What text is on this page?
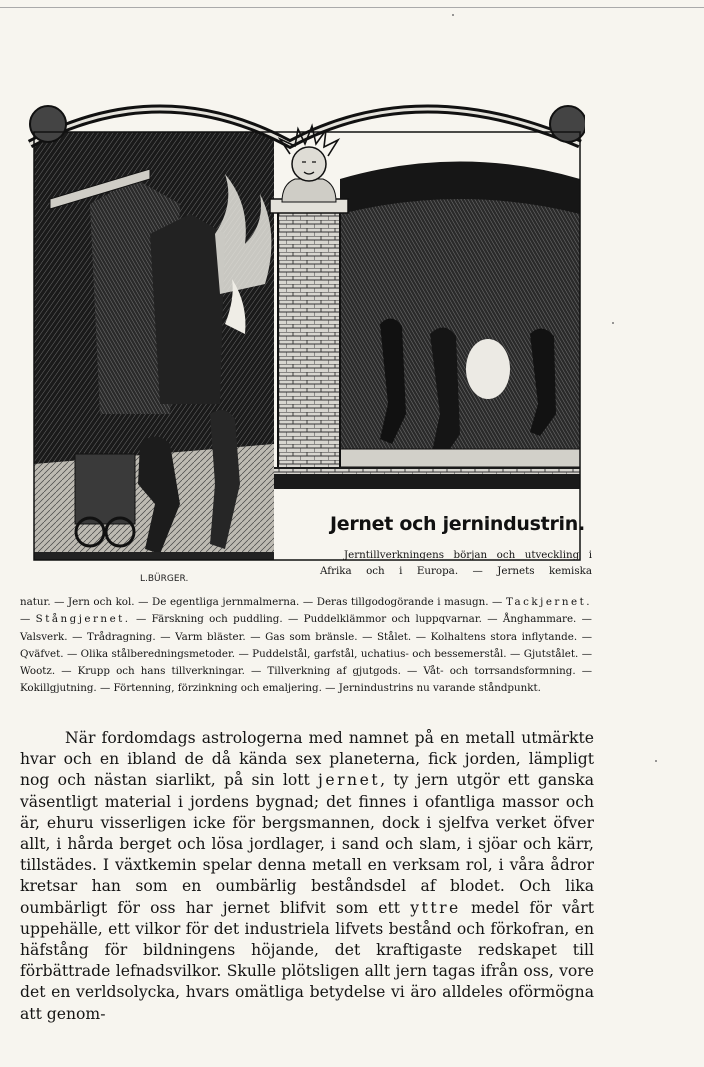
L.BÜRGER.
Jernet och jernindustrin.
Jerntillverkningens början och utveckling i Afrika och i Europa. — Jernets kemiska
natur. — Jern och kol. — De egentliga jernmalmerna. — Deras tillgodogörande i masugn. — Tackjernet. — Stångjernet. — Färskning och puddling. — Puddelklämmor och luppqvarnar. — Ånghammare. — Valsverk. — Trådragning. — Varm bläster. — Gas som bränsle. — Stålet. — Kolhaltens stora inflytande. — Qväfvet. — Olika stålberedningsmetoder. — Puddelstål, garfstål, uchatius- och bessemerstål. — Gjutstålet. — Wootz. — Krupp och hans tillverkningar. — Tillverkning af gjutgods. — Våt- och torrsandsformning. — Kokillgjutning. — Förtenning, förzinkning och emaljering. — Jernindustrins nu varande ståndpunkt.
När fordomdags astrologerna med namnet på en metall utmärkte hvar och en ibland de då kända sex planeterna, fick jorden, lämpligt nog och nästan siarlikt, på sin lott jernet, ty jern utgör ett ganska väsentligt material i jordens bygnad; det finnes i ofantliga massor och är, ehuru visserligen icke för bergsmannen, dock i sjelfva verket öfver allt, i hårda berget och lösa jordlager, i sand och slam, i sjöar och kärr, tillstädes. I växtkemin spelar denna metall en verksam rol, i våra ådror kretsar han som en oumbärlig beståndsdel af blodet. Och lika oumbärligt för oss har jernet blifvit som ett yttre medel för vårt uppehälle, ett vilkor för det industriela lifvets bestånd och förkofran, en häfstång för bildningens höjande, det kraftigaste redskapet till förbättrade lefnadsvilkor. Skulle plötsligen allt jern tagas ifrån oss, vore det en verldsolycka, hvars omätliga betydelse vi äro alldeles oförmögna att genom-
